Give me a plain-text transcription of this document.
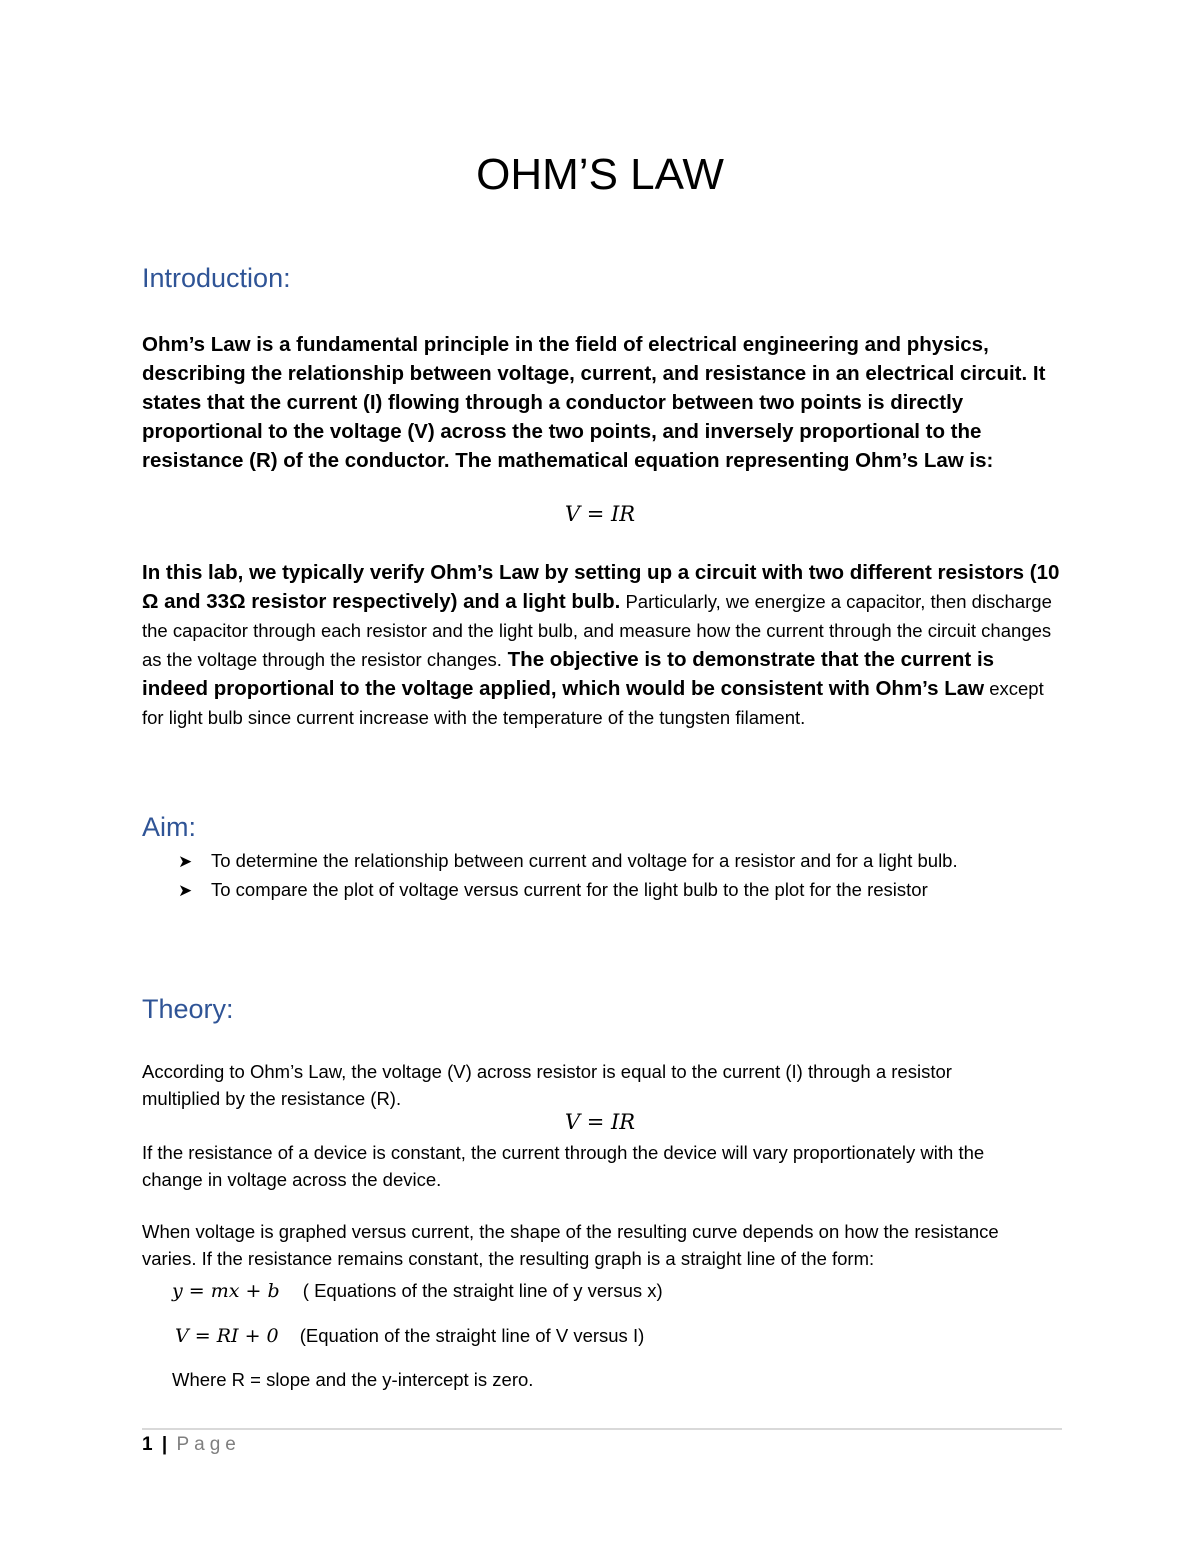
OHM’S LAW
Introduction:
Ohm’s Law is a fundamental principle in the field of electrical engineering and physics,
describing the relationship between voltage, current, and resistance in an electrical circuit. It
states that the current (I) flowing through a conductor between two points is directly
proportional to the voltage (V) across the two points, and inversely proportional to the
resistance (R) of the conductor. The mathematical equation representing Ohm’s Law is:
V = IR
In this lab, we typically verify Ohm’s Law by setting up a circuit with two different resistors (10 Ω and 33Ω resistor respectively) and a light bulb. Particularly, we energize a capacitor, then discharge the capacitor through each resistor and the light bulb, and measure how the current through the circuit changes as the voltage through the resistor changes. The objective is to demonstrate that the current is indeed proportional to the voltage applied, which would be consistent with Ohm’s Law except for light bulb since current increase with the temperature of the tungsten filament.
Aim:
➤	To determine the relationship between current and voltage for a resistor and for a light bulb.
➤	To compare the plot of voltage versus current for the light bulb to the plot for the resistor
Theory:
According to Ohm’s Law, the voltage (V) across resistor is equal to the current (I) through a resistor
multiplied by the resistance (R).
V = IR
If the resistance of a device is constant, the current through the device will vary proportionately with the
change in voltage across the device.
When voltage is graphed versus current, the shape of the resulting curve depends on how the resistance
varies. If the resistance remains constant, the resulting graph is a straight line of the form:
y = mx + b ( Equations of the straight line of y versus x)
V = RI + 0 (Equation of the straight line of V versus I)
Where R = slope and the y-intercept is zero.
1 | Page
